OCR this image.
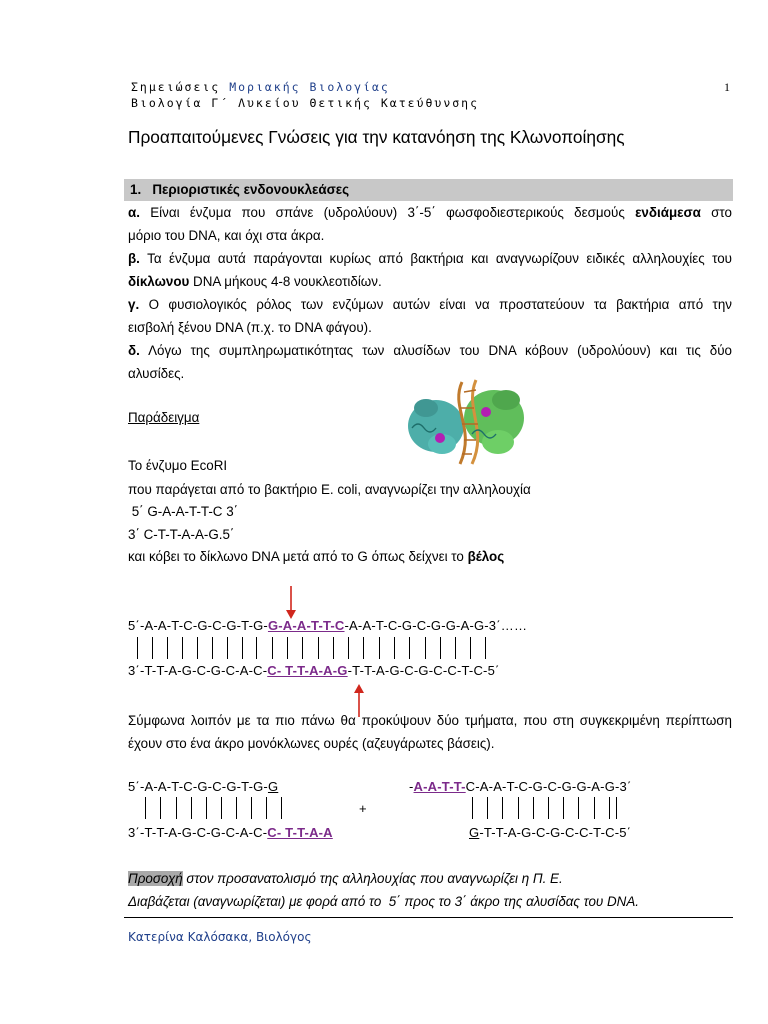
Σημειώσεις Μοριακής Βιολογίας
Βιολογία Γ΄ Λυκείου Θετικής Κατεύθυνσης
1
Προαπαιτούμενες Γνώσεις για την κατανόηση της Κλωνοποίησης
1. Περιοριστικές ενδονουκλεάσες
α. Είναι ένζυμα που σπάνε (υδρολύουν) 3΄-5΄ φωσφοδιεστερικούς δεσμούς ενδιάμεσα στο
μόριο του DNA, και όχι στα άκρα.
β. Τα ένζυμα αυτά παράγονται κυρίως από βακτήρια και αναγνωρίζουν ειδικές αλληλουχίες του
δίκλωνου DNA μήκους 4-8 νουκλεοτιδίων.
γ. Ο φυσιολογικός ρόλος των ενζύμων αυτών είναι να προστατεύουν τα βακτήρια από την
εισβολή ξένου DNA (π.χ. το DNA φάγου).
δ. Λόγω της συμπληρωματικότητας των αλυσίδων του DNA κόβουν (υδρολύουν) και τις δύο
αλυσίδες.
Παράδειγμα
Το ένζυμο EcoRI
που παράγεται από το βακτήριο E. coli, αναγνωρίζει την αλληλουχία
5΄ G-A-A-T-T-C 3΄
3΄ C-T-T-A-A-G.5΄
και κόβει το δίκλωνο DNA μετά από το G όπως δείχνει το βέλος
5΄-A-A-T-C-G-C-G-T-G-G-A-A-T-T-C-A-A-T-C-G-C-G-G-A-G-3΄……
3΄-T-T-A-G-C-G-C-A-C-C- T-T-A-A-G-T-T-A-G-C-G-C-C-T-C-5΄
Σύμφωνα λοιπόν με τα πιο πάνω θα προκύψουν δύο τμήματα, που στη συγκεκριμένη περίπτωση έχουν στο ένα άκρο μονόκλωνες ουρές (αζευγάρωτες βάσεις).
5΄-A-A-T-C-G-C-G-T-G-G
3΄-T-T-A-G-C-G-C-A-C-C- T-T-A-A
+
-A-A-T-T-C-A-A-T-C-G-C-G-G-A-G-3΄
G-T-T-A-G-C-G-C-C-T-C-5΄
Προσοχή στον προσανατολισμό της αλληλουχίας που αναγνωρίζει η Π. Ε.
Διαβάζεται (αναγνωρίζεται) με φορά από το  5΄ προς το 3΄ άκρο της αλυσίδας του DNA.
Κατερίνα Καλόσακα, Βιολόγος
